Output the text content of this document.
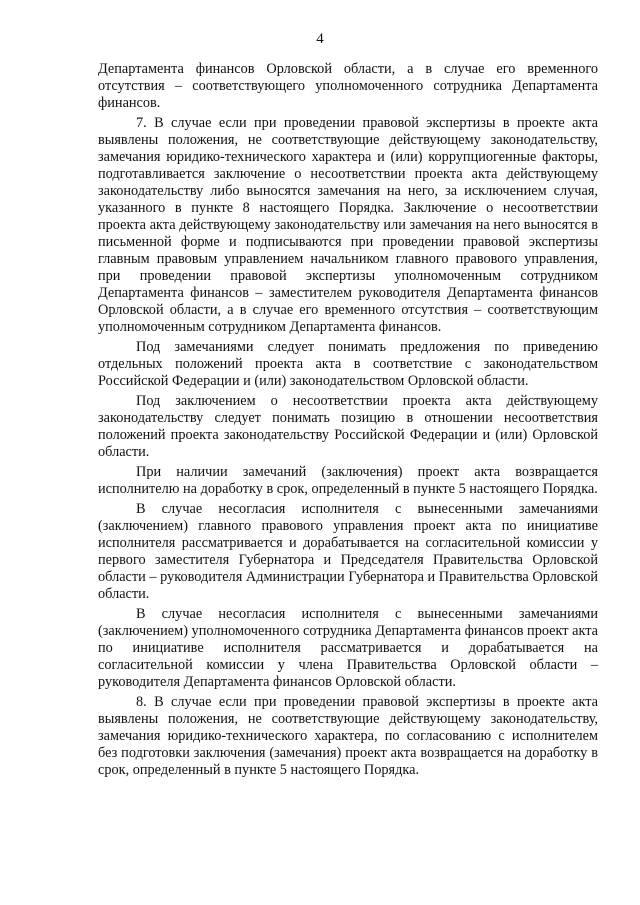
4

Департамента финансов Орловской области, а в случае его временного отсутствия – соответствующего уполномоченного сотрудника Департамента финансов.

7. В случае если при проведении правовой экспертизы в проекте акта выявлены положения, не соответствующие действующему законодательству, замечания юридико-технического характера и (или) коррупциогенные факторы, подготавливается заключение о несоответствии проекта акта действующему законодательству либо выносятся замечания на него, за исключением случая, указанного в пункте 8 настоящего Порядка. Заключение о несоответствии проекта акта действующему законодательству или замечания на него выносятся в письменной форме и подписываются при проведении правовой экспертизы главным правовым управлением начальником главного правового управления, при проведении правовой экспертизы уполномоченным сотрудником Департамента финансов – заместителем руководителя Департамента финансов Орловской области, а в случае его временного отсутствия – соответствующим уполномоченным сотрудником Департамента финансов.

Под замечаниями следует понимать предложения по приведению отдельных положений проекта акта в соответствие с законодательством Российской Федерации и (или) законодательством Орловской области.

Под заключением о несоответствии проекта акта действующему законодательству следует понимать позицию в отношении несоответствия положений проекта законодательству Российской Федерации и (или) Орловской области.

При наличии замечаний (заключения) проект акта возвращается исполнителю на доработку в срок, определенный в пункте 5 настоящего Порядка.

В случае несогласия исполнителя с вынесенными замечаниями (заключением) главного правового управления проект акта по инициативе исполнителя рассматривается и дорабатывается на согласительной комиссии у первого заместителя Губернатора и Председателя Правительства Орловской области – руководителя Администрации Губернатора и Правительства Орловской области.

В случае несогласия исполнителя с вынесенными замечаниями (заключением) уполномоченного сотрудника Департамента финансов проект акта по инициативе исполнителя рассматривается и дорабатывается на согласительной комиссии у члена Правительства Орловской области – руководителя Департамента финансов Орловской области.

8. В случае если при проведении правовой экспертизы в проекте акта выявлены положения, не соответствующие действующему законодательству, замечания юридико-технического характера, по согласованию с исполнителем без подготовки заключения (замечания) проект акта возвращается на доработку в срок, определенный в пункте 5 настоящего Порядка.
